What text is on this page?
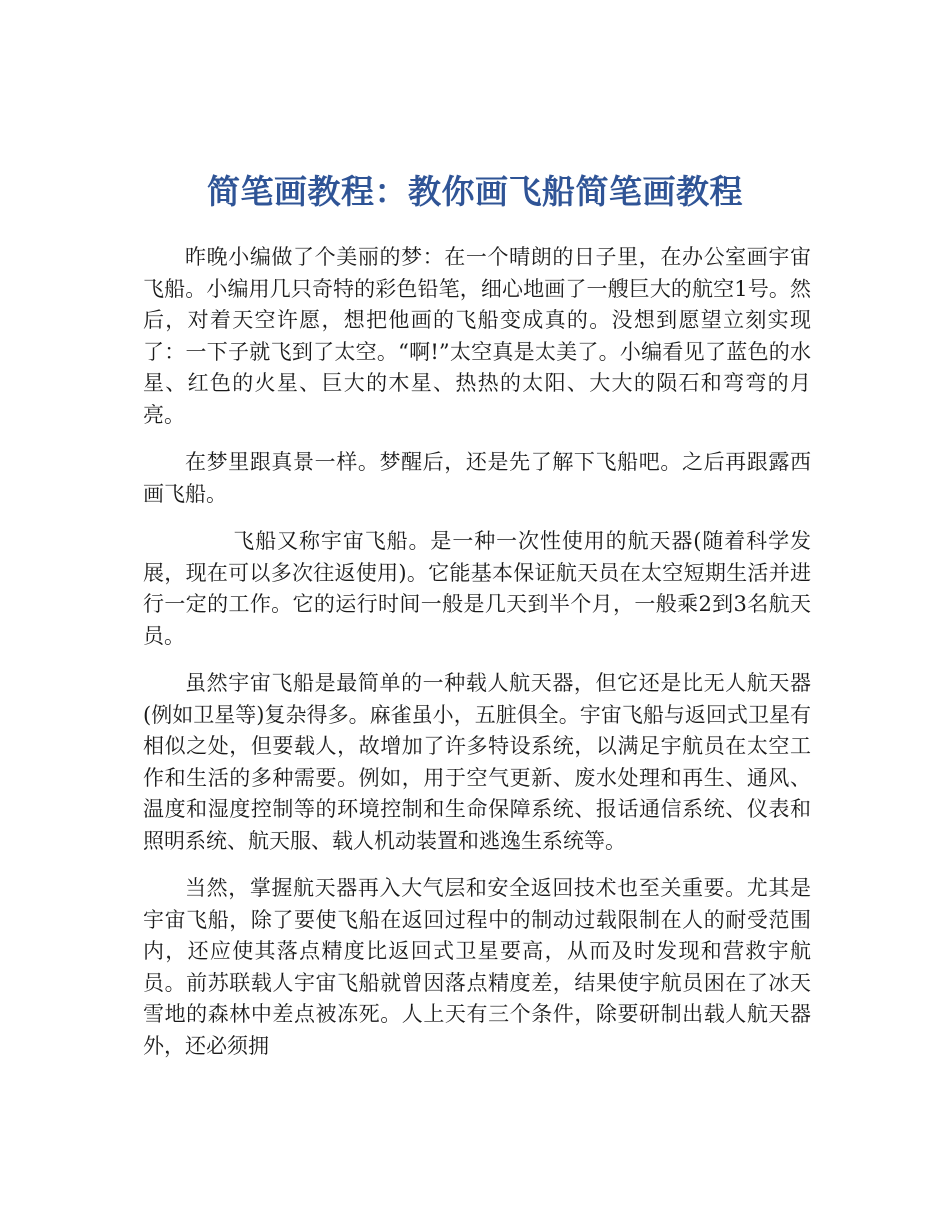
简笔画教程：教你画飞船简笔画教程

昨晚小编做了个美丽的梦：在一个晴朗的日子里，在办公室画宇宙飞船。小编用几只奇特的彩色铅笔，细心地画了一艘巨大的航空1号。然后，对着天空许愿，想把他画的飞船变成真的。没想到愿望立刻实现了：一下子就飞到了太空。“啊!”太空真是太美了。小编看见了蓝色的水星、红色的火星、巨大的木星、热热的太阳、大大的陨石和弯弯的月亮。

在梦里跟真景一样。梦醒后，还是先了解下飞船吧。之后再跟露西画飞船。

飞船又称宇宙飞船。是一种一次性使用的航天器(随着科学发展，现在可以多次往返使用)。它能基本保证航天员在太空短期生活并进行一定的工作。它的运行时间一般是几天到半个月，一般乘2到3名航天员。

虽然宇宙飞船是最简单的一种载人航天器，但它还是比无人航天器(例如卫星等)复杂得多。麻雀虽小，五脏俱全。宇宙飞船与返回式卫星有相似之处，但要载人，故增加了许多特设系统，以满足宇航员在太空工作和生活的多种需要。例如，用于空气更新、废水处理和再生、通风、温度和湿度控制等的环境控制和生命保障系统、报话通信系统、仪表和照明系统、航天服、载人机动装置和逃逸生系统等。

当然，掌握航天器再入大气层和安全返回技术也至关重要。尤其是宇宙飞船，除了要使飞船在返回过程中的制动过载限制在人的耐受范围内，还应使其落点精度比返回式卫星要高，从而及时发现和营救宇航员。前苏联载人宇宙飞船就曾因落点精度差，结果使宇航员困在了冰天雪地的森林中差点被冻死。人上天有三个条件，除要研制出载人航天器外，还必须拥
